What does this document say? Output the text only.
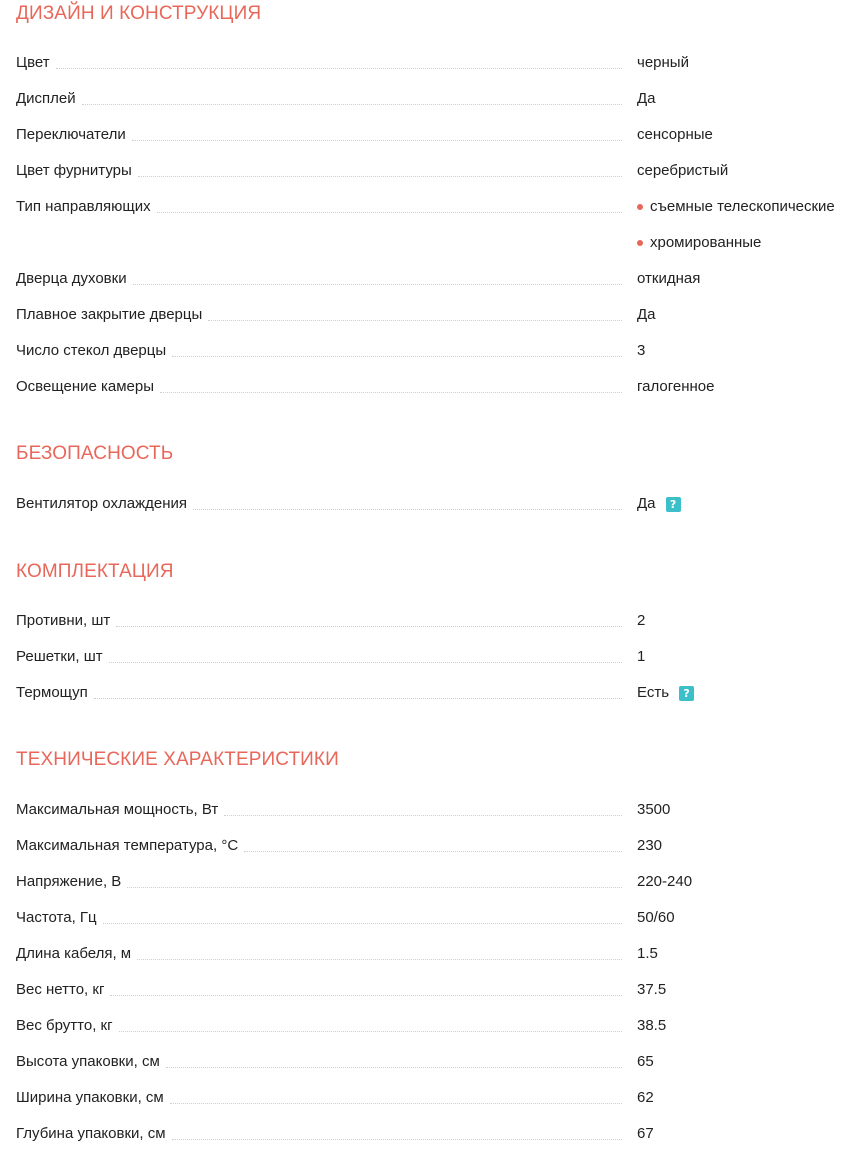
ДИЗАЙН И КОНСТРУКЦИЯ
Цвет	черный
Дисплей	Да
Переключатели	сенсорные
Цвет фурнитуры	серебристый
Тип направляющих	съемные телескопические
хромированные
Дверца духовки	откидная
Плавное закрытие дверцы	Да
Число стекол дверцы	3
Освещение камеры	галогенное
БЕЗОПАСНОСТЬ
Вентилятор охлаждения	Да	?
КОМПЛЕКТАЦИЯ
Противни, шт	2
Решетки, шт	1
Термощуп	Есть	?
ТЕХНИЧЕСКИЕ ХАРАКТЕРИСТИКИ
Максимальная мощность, Вт	3500
Максимальная температура, °С	230
Напряжение, В	220-240
Частота, Гц	50/60
Длина кабеля, м	1.5
Вес нетто, кг	37.5
Вес брутто, кг	38.5
Высота упаковки, см	65
Ширина упаковки, см	62
Глубина упаковки, см	67
